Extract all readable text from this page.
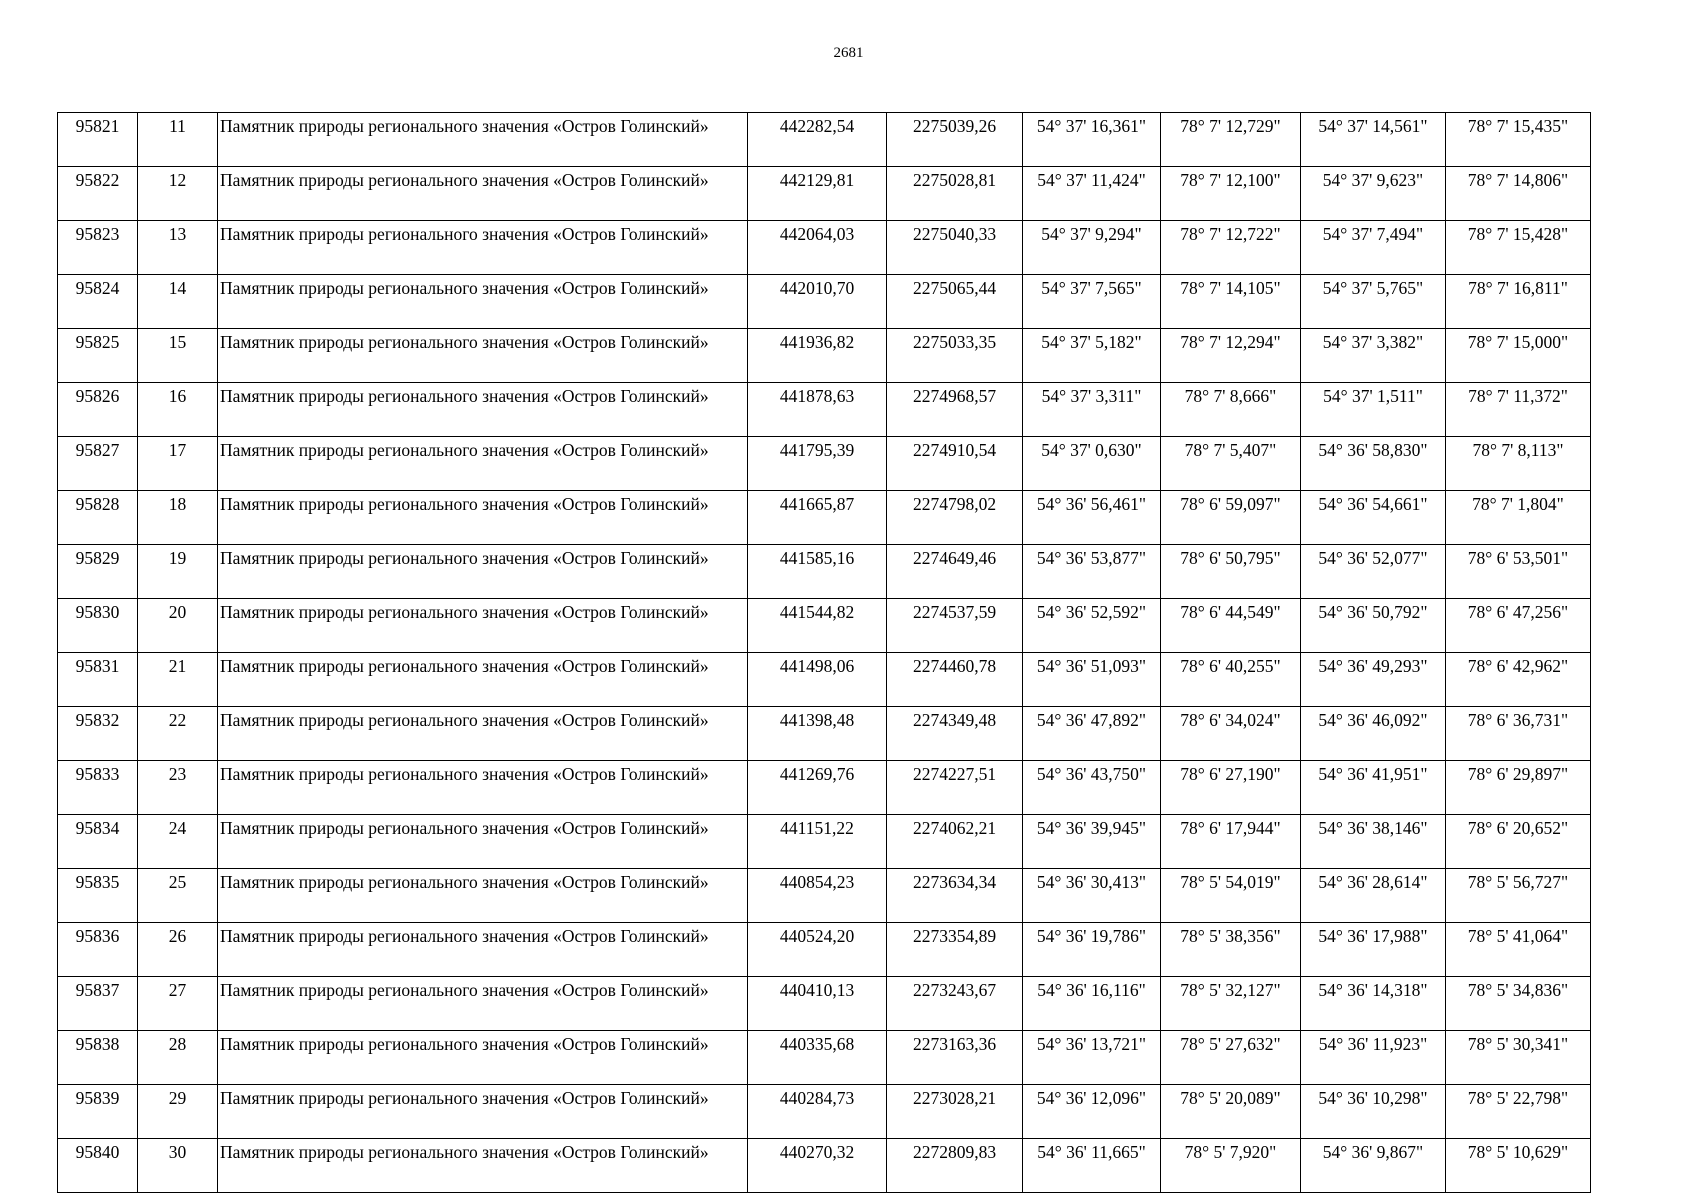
2681
95821	11	Памятник природы регионального значения «Остров Голинский»	442282,54	2275039,26	54° 37' 16,361"	78° 7' 12,729"	54° 37' 14,561"	78° 7' 15,435"
95822	12	Памятник природы регионального значения «Остров Голинский»	442129,81	2275028,81	54° 37' 11,424"	78° 7' 12,100"	54° 37' 9,623"	78° 7' 14,806"
95823	13	Памятник природы регионального значения «Остров Голинский»	442064,03	2275040,33	54° 37' 9,294"	78° 7' 12,722"	54° 37' 7,494"	78° 7' 15,428"
95824	14	Памятник природы регионального значения «Остров Голинский»	442010,70	2275065,44	54° 37' 7,565"	78° 7' 14,105"	54° 37' 5,765"	78° 7' 16,811"
95825	15	Памятник природы регионального значения «Остров Голинский»	441936,82	2275033,35	54° 37' 5,182"	78° 7' 12,294"	54° 37' 3,382"	78° 7' 15,000"
95826	16	Памятник природы регионального значения «Остров Голинский»	441878,63	2274968,57	54° 37' 3,311"	78° 7' 8,666"	54° 37' 1,511"	78° 7' 11,372"
95827	17	Памятник природы регионального значения «Остров Голинский»	441795,39	2274910,54	54° 37' 0,630"	78° 7' 5,407"	54° 36' 58,830"	78° 7' 8,113"
95828	18	Памятник природы регионального значения «Остров Голинский»	441665,87	2274798,02	54° 36' 56,461"	78° 6' 59,097"	54° 36' 54,661"	78° 7' 1,804"
95829	19	Памятник природы регионального значения «Остров Голинский»	441585,16	2274649,46	54° 36' 53,877"	78° 6' 50,795"	54° 36' 52,077"	78° 6' 53,501"
95830	20	Памятник природы регионального значения «Остров Голинский»	441544,82	2274537,59	54° 36' 52,592"	78° 6' 44,549"	54° 36' 50,792"	78° 6' 47,256"
95831	21	Памятник природы регионального значения «Остров Голинский»	441498,06	2274460,78	54° 36' 51,093"	78° 6' 40,255"	54° 36' 49,293"	78° 6' 42,962"
95832	22	Памятник природы регионального значения «Остров Голинский»	441398,48	2274349,48	54° 36' 47,892"	78° 6' 34,024"	54° 36' 46,092"	78° 6' 36,731"
95833	23	Памятник природы регионального значения «Остров Голинский»	441269,76	2274227,51	54° 36' 43,750"	78° 6' 27,190"	54° 36' 41,951"	78° 6' 29,897"
95834	24	Памятник природы регионального значения «Остров Голинский»	441151,22	2274062,21	54° 36' 39,945"	78° 6' 17,944"	54° 36' 38,146"	78° 6' 20,652"
95835	25	Памятник природы регионального значения «Остров Голинский»	440854,23	2273634,34	54° 36' 30,413"	78° 5' 54,019"	54° 36' 28,614"	78° 5' 56,727"
95836	26	Памятник природы регионального значения «Остров Голинский»	440524,20	2273354,89	54° 36' 19,786"	78° 5' 38,356"	54° 36' 17,988"	78° 5' 41,064"
95837	27	Памятник природы регионального значения «Остров Голинский»	440410,13	2273243,67	54° 36' 16,116"	78° 5' 32,127"	54° 36' 14,318"	78° 5' 34,836"
95838	28	Памятник природы регионального значения «Остров Голинский»	440335,68	2273163,36	54° 36' 13,721"	78° 5' 27,632"	54° 36' 11,923"	78° 5' 30,341"
95839	29	Памятник природы регионального значения «Остров Голинский»	440284,73	2273028,21	54° 36' 12,096"	78° 5' 20,089"	54° 36' 10,298"	78° 5' 22,798"
95840	30	Памятник природы регионального значения «Остров Голинский»	440270,32	2272809,83	54° 36' 11,665"	78° 5' 7,920"	54° 36' 9,867"	78° 5' 10,629"
